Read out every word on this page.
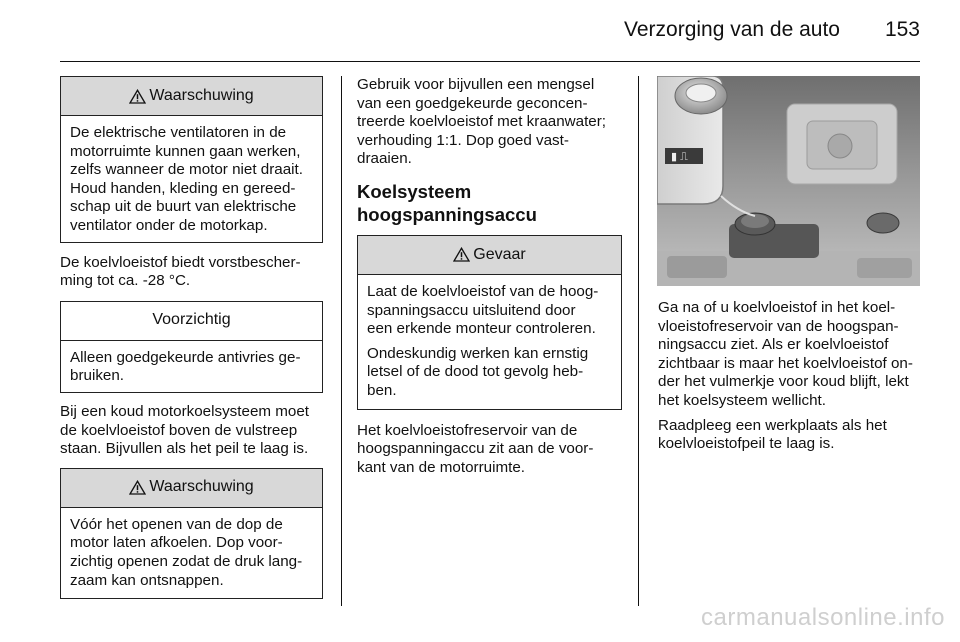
Verzorging van de auto	153
Waarschuwing

De elektrische ventilatoren in de
motorruimte kunnen gaan werken,
zelfs wanneer de motor niet draait.
Houd handen, kleding en gereed-
schap uit de buurt van elektrische
ventilator onder de motorkap.

De koelvloeistof biedt vorstbescher-
ming tot ca. -28 °C.

Voorzichtig

Alleen goedgekeurde antivries ge-
bruiken.

Bij een koud motorkoelsysteem moet
de koelvloeistof boven de vulstreep
staan. Bijvullen als het peil te laag is.

Waarschuwing

Vóór het openen van de dop de
motor laten afkoelen. Dop voor-
zichtig openen zodat de druk lang-
zaam kan ontsnappen.

Gebruik voor bijvullen een mengsel
van een goedgekeurde geconcen-
treerde koelvloeistof met kraanwater;
verhouding 1:1. Dop goed vast-
draaien.

Koelsysteem
hoogspanningsaccu
Gevaar

Laat de koelvloeistof van de hoog-
spanningsaccu uitsluitend door
een erkende monteur controleren.

Ondeskundig werken kan ernstig
letsel of de dood tot gevolg heb-
ben.

Het koelvloeistofreservoir van de
hoogspanningaccu zit aan de voor-
kant van de motorruimte.

▮ ⎍

Ga na of u koelvloeistof in het koel-
vloeistofreservoir van de hoogspan-
ningsaccu ziet. Als er koelvloeistof
zichtbaar is maar het koelvloeistof on-
der het vulmerkje voor koud blijft, lekt
het koelsysteem wellicht.

Raadpleeg een werkplaats als het
koelvloeistofpeil te laag is.

carmanualsonline.info
